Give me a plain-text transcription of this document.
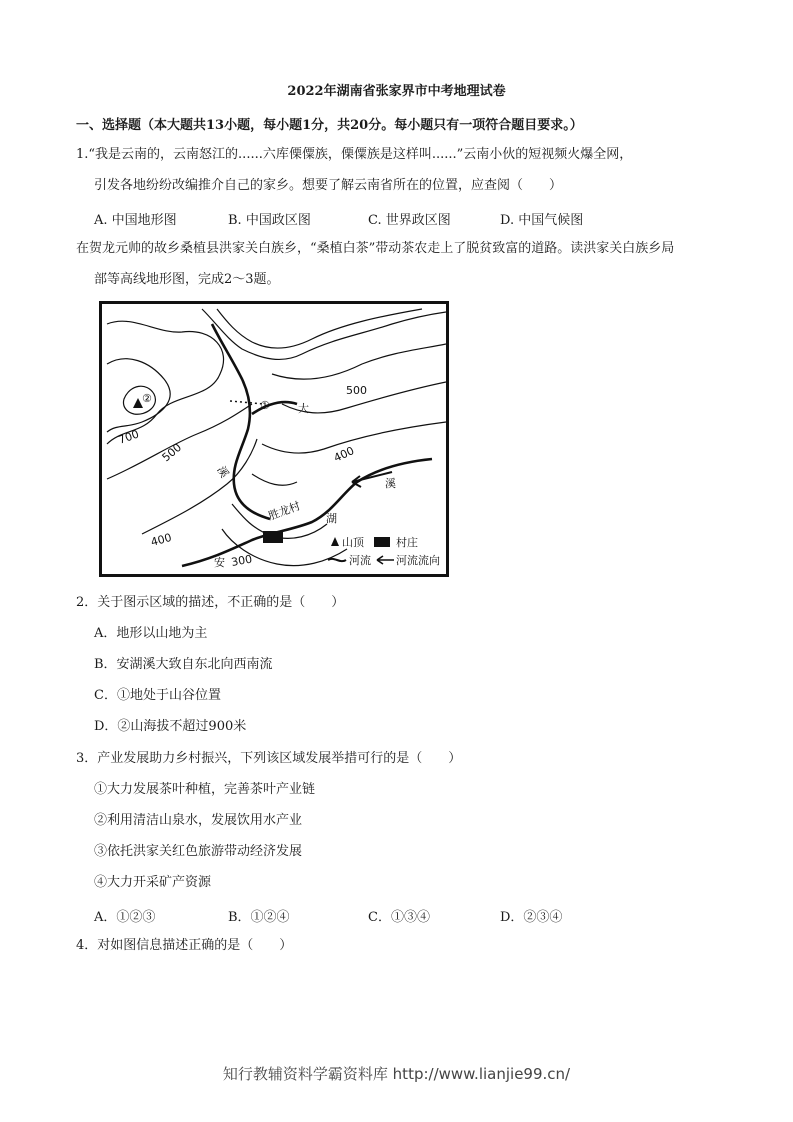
2022年湖南省张家界市中考地理试卷
一、选择题（本大题共13小题，每小题1分，共20分。每小题只有一项符合题目要求。）
1.“我是云南的，云南怒江的......六库傈僳族，傈僳族是这样叫......”云南小伙的短视频火爆全网，
引发各地纷纷改编推介自己的家乡。想要了解云南省所在的位置，应查阅（　　）
A. 中国地形图	B. 中国政区图	C. 世界政区图	D. 中国气候图
在贺龙元帅的故乡桑植县洪家关白族乡，“桑植白茶”带动茶农走上了脱贫致富的道路。读洪家关白族乡局
部等高线地形图，完成2～3题。
500
700
500	400
400
300
②
①
安
湖
溪
大
溪
胜龙村
山顶	村庄
河流 河流流向
2．关于图示区域的描述，不正确的是（　　）
A．地形以山地为主
B．安湖溪大致自东北向西南流
C．①地处于山谷位置
D．②山海拔不超过900米
3．产业发展助力乡村振兴，下列该区域发展举措可行的是（　　）
①大力发展茶叶种植，完善茶叶产业链
②利用清洁山泉水，发展饮用水产业
③依托洪家关红色旅游带动经济发展
④大力开采矿产资源
A．①②③	B．①②④	C．①③④	D．②③④
4．对如图信息描述正确的是（　　）
知行教辅资料学霸资料库 http://www.lianjie99.cn/
